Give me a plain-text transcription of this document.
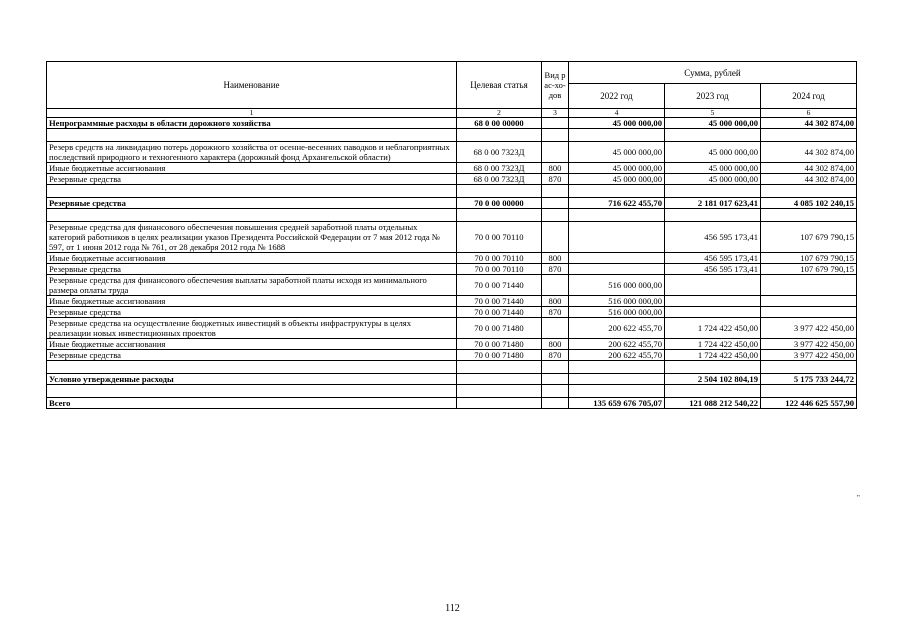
Наименование	Целевая статья	Вид рас-хо-дов	Сумма, рублей		
			2022 год	2023 год	2024 год
1	2	3	4	5	6
Непрограммные расходы в области дорожного хозяйства	68 0 00 00000		45 000 000,00	45 000 000,00	44 302 874,00

Резерв средств на ликвидацию потерь дорожного хозяйства от осенне-весенних паводков и неблагоприятных последствий природного и техногенного характера (дорожный фонд Архангельской области)	68 0 00 7323Д		45 000 000,00	45 000 000,00	44 302 874,00
Иные бюджетные ассигнования	68 0 00 7323Д	800	45 000 000,00	45 000 000,00	44 302 874,00
Резервные средства	68 0 00 7323Д	870	45 000 000,00	45 000 000,00	44 302 874,00

Резервные средства	70 0 00 00000		716 622 455,70	2 181 017 623,41	4 085 102 240,15

Резервные средства для финансового обеспечения повышения средней заработной платы отдельных категорий работников в целях реализации указов Президента Российской Федерации от 7 мая 2012 года № 597, от 1 июня 2012 года № 761, от 28 декабря 2012 года № 1688	70 0 00 70110			456 595 173,41	107 679 790,15
Иные бюджетные ассигнования	70 0 00 70110	800		456 595 173,41	107 679 790,15
Резервные средства	70 0 00 70110	870		456 595 173,41	107 679 790,15
Резервные средства для финансового обеспечения выплаты заработной платы исходя из минимального размера оплаты труда	70 0 00 71440		516 000 000,00		
Иные бюджетные ассигнования	70 0 00 71440	800	516 000 000,00		
Резервные средства	70 0 00 71440	870	516 000 000,00		
Резервные средства на осуществление бюджетных инвестиций в объекты инфраструктуры в целях реализации новых инвестиционных проектов	70 0 00 71480		200 622 455,70	1 724 422 450,00	3 977 422 450,00
Иные бюджетные ассигнования	70 0 00 71480	800	200 622 455,70	1 724 422 450,00	3 977 422 450,00
Резервные средства	70 0 00 71480	870	200 622 455,70	1 724 422 450,00	3 977 422 450,00

Условно утвержденные расходы				2 504 102 804,19	5 175 733 244,72

Всего			135 659 676 705,07	121 088 212 540,22	122 446 625 557,90
"
112
